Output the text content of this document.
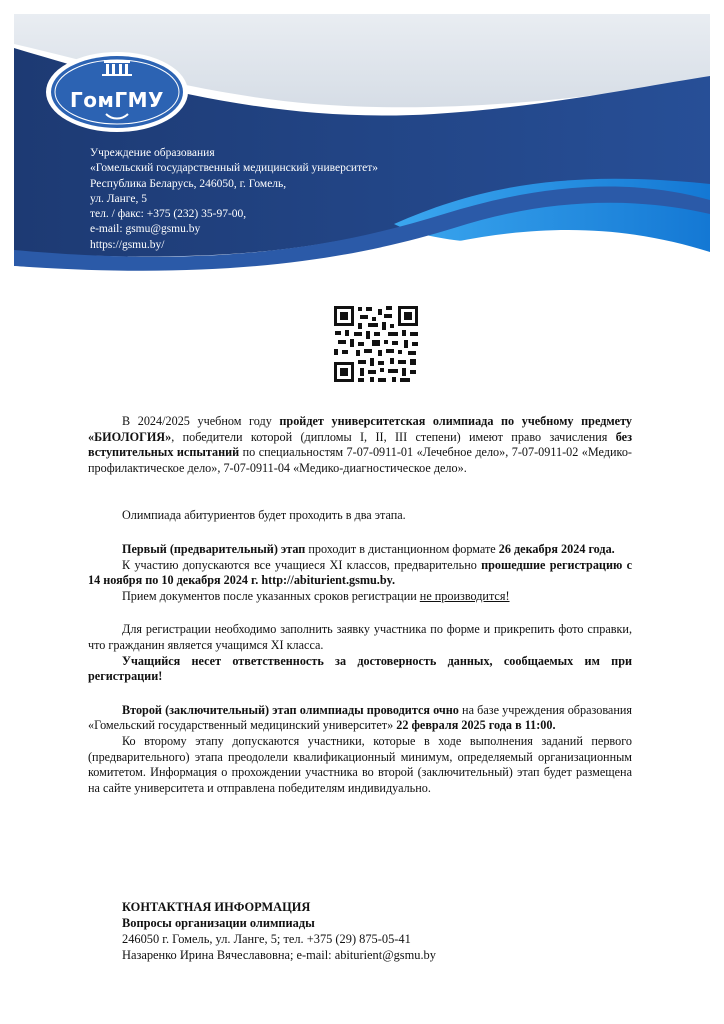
ГомГМУ
Учреждение образования
«Гомельский государственный медицинский университет»
Республика Беларусь, 246050, г. Гомель,
ул. Ланге, 5
тел. / факс: +375 (232) 35-97-00,
e-mail: gsmu@gsmu.by
https://gsmu.by/

В 2024/2025 учебном году пройдет университетская олимпиада по учебному предмету «БИОЛОГИЯ», победители которой (дипломы I, II, III степени) имеют право зачисления без вступительных испытаний по специальностям 7-07-0911-01 «Лечебное дело», 7-07-0911-02 «Медико-профилактическое дело», 7-07-0911-04 «Медико-диагностическое дело».

Олимпиада абитуриентов будет проходить в два этапа.

Первый (предварительный) этап проходит в дистанционном формате 26 декабря 2024 года.

К участию допускаются все учащиеся XI классов, предварительно прошедшие регистрацию с 14 ноября по 10 декабря 2024 г. http://abiturient.gsmu.by.

Прием документов после указанных сроков регистрации не производится!

Для регистрации необходимо заполнить заявку участника по форме и прикрепить фото справки, что гражданин является учащимся XI класса.

Учащийся несет ответственность за достоверность данных, сообщаемых им при регистрации!

Второй (заключительный) этап олимпиады проводится очно на базе учреждения образования «Гомельский государственный медицинский университет» 22 февраля 2025 года в 11:00.

Ко второму этапу допускаются участники, которые в ходе выполнения заданий первого (предварительного) этапа преодолели квалификационный минимум, определяемый организационным комитетом. Информация о прохождении участника во второй (заключительный) этап будет размещена на сайте университета и отправлена победителям индивидуально.

КОНТАКТНАЯ ИНФОРМАЦИЯ
Вопросы организации олимпиады
246050 г. Гомель, ул. Ланге, 5; тел. +375 (29) 875-05-41
Назаренко Ирина Вячеславовна; e-mail: abiturient@gsmu.by
